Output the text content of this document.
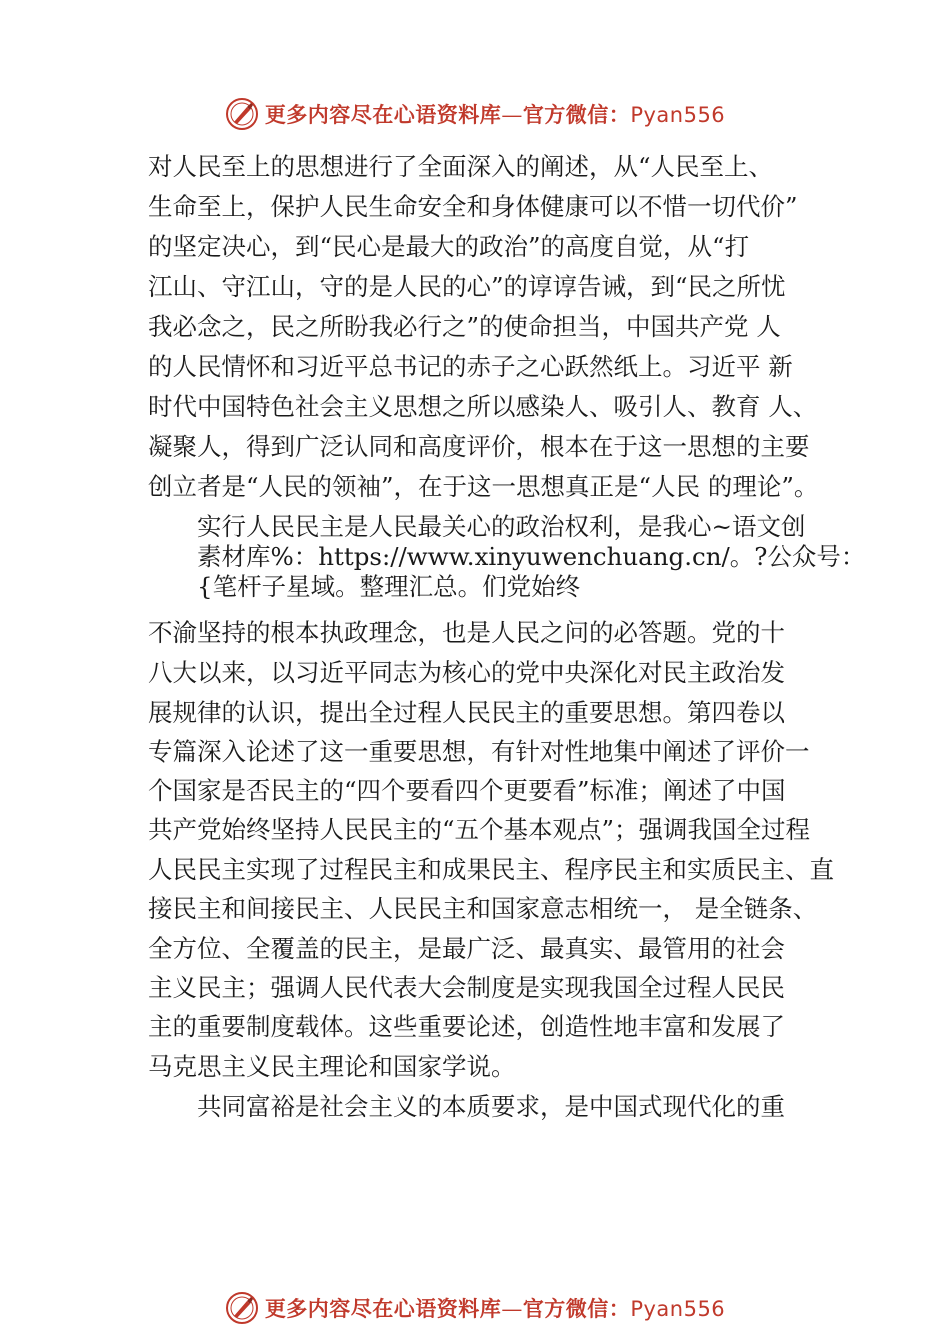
更多内容尽在心语资料库—官方微信：Pyan556
对人民至上的思想进行了全面深入的阐述，从“人民至上、
生命至上，保护人民生命安全和身体健康可以不惜一切代价”
的坚定决心，到“民心是最大的政治”的高度自觉，从“打
江山、守江山，守的是人民的心”的谆谆告诫，到“民之所忧
我必念之，民之所盼我必行之”的使命担当，中国共产党 人
的人民情怀和习近平总书记的赤子之心跃然纸上。习近平 新
时代中国特色社会主义思想之所以感染人、吸引人、教育 人、
凝聚人，得到广泛认同和高度评价，根本在于这一思想的主要
创立者是“人民的领袖”，在于这一思想真正是“人民 的理论”。
实行人民民主是人民最关心的政治权利，是我心~语文创
素材库%：https://www.xinyuwenchuang.cn/。?公众号：
{笔杆子星域。整理汇总。们党始终
不渝坚持的根本执政理念，也是人民之问的必答题。党的十
八大以来，以习近平同志为核心的党中央深化对民主政治发
展规律的认识，提出全过程人民民主的重要思想。第四卷以
专篇深入论述了这一重要思想，有针对性地集中阐述了评价一
个国家是否民主的“四个要看四个更要看”标准；阐述了中国
共产党始终坚持人民民主的“五个基本观点”；强调我国全过程
人民民主实现了过程民主和成果民主、程序民主和实质民主、直
接民主和间接民主、人民民主和国家意志相统一， 是全链条、
全方位、全覆盖的民主，是最广泛、最真实、最管用的社会
主义民主；强调人民代表大会制度是实现我国全过程人民民
主的重要制度载体。这些重要论述，创造性地丰富和发展了
马克思主义民主理论和国家学说。
共同富裕是社会主义的本质要求，是中国式现代化的重
更多内容尽在心语资料库—官方微信：Pyan556
